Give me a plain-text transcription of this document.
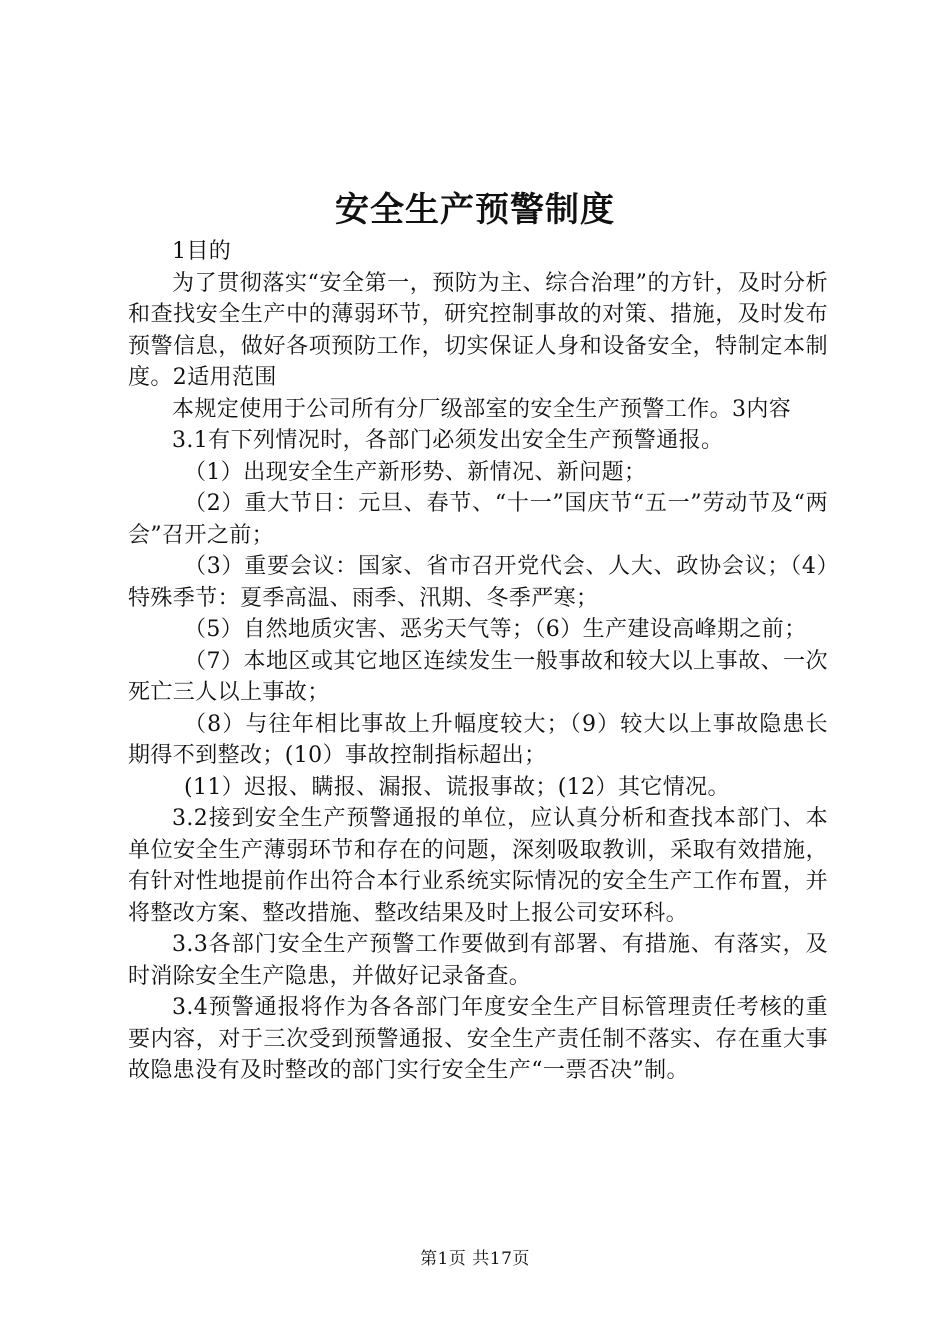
安全生产预警制度

1目的

为了贯彻落实“安全第一，预防为主、综合治理”的方针，及时分析和查找安全生产中的薄弱环节，研究控制事故的对策、措施，及时发布预警信息，做好各项预防工作，切实保证人身和设备安全，特制定本制度。2适用范围

本规定使用于公司所有分厂级部室的安全生产预警工作。3内容

3.1有下列情况时，各部门必须发出安全生产预警通报。

（1）出现安全生产新形势、新情况、新问题；

（2）重大节日：元旦、春节、“十一”国庆节“五一”劳动节及“两会”召开之前；

（3）重要会议：国家、省市召开党代会、人大、政协会议；（4）特殊季节：夏季高温、雨季、汛期、冬季严寒；

（5）自然地质灾害、恶劣天气等；（6）生产建设高峰期之前；

（7）本地区或其它地区连续发生一般事故和较大以上事故、一次死亡三人以上事故；

（8）与往年相比事故上升幅度较大；（9）较大以上事故隐患长期得不到整改；(10）事故控制指标超出；

(11）迟报、瞒报、漏报、谎报事故；(12）其它情况。

3.2接到安全生产预警通报的单位，应认真分析和查找本部门、本单位安全生产薄弱环节和存在的问题，深刻吸取教训，采取有效措施，有针对性地提前作出符合本行业系统实际情况的安全生产工作布置，并将整改方案、整改措施、整改结果及时上报公司安环科。

3.3各部门安全生产预警工作要做到有部署、有措施、有落实，及时消除安全生产隐患，并做好记录备查。

3.4预警通报将作为各各部门年度安全生产目标管理责任考核的重要内容，对于三次受到预警通报、安全生产责任制不落实、存在重大事故隐患没有及时整改的部门实行安全生产“一票否决”制。

第1页 共17页
